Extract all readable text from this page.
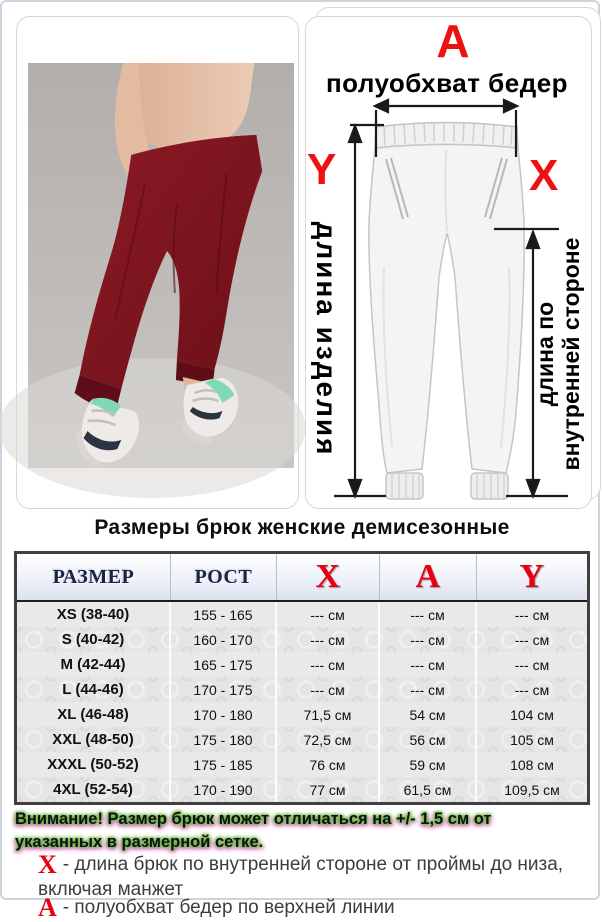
A
полуобхват бедер
Y	X
длина изделия	длина по внутренней стороне
Размеры брюк женские демисезонные
РАЗМЕР	РОСТ	X	A	Y
XS (38-40)	155 - 165	--- см	--- см	--- см
S (40-42)	160 - 170	--- см	--- см	--- см
M (42-44)	165 - 175	--- см	--- см	--- см
L (44-46)	170 - 175	--- см	--- см	--- см
XL (46-48)	170 - 180	71,5 см	54 см	104 см
XXL (48-50)	175 - 180	72,5 см	56 см	105 см
XXXL (50-52)	175 - 185	76 см	59 см	108 см
4XL (52-54)	170 - 190	77 см	61,5 см	109,5 см
Внимание! Размер брюк может отличаться на +/- 1,5 см от
указанных в размерной сетке.
X - длина брюк по внутренней стороне от проймы до низа, включая манжет
А - полуобхват бедер по верхней линии
